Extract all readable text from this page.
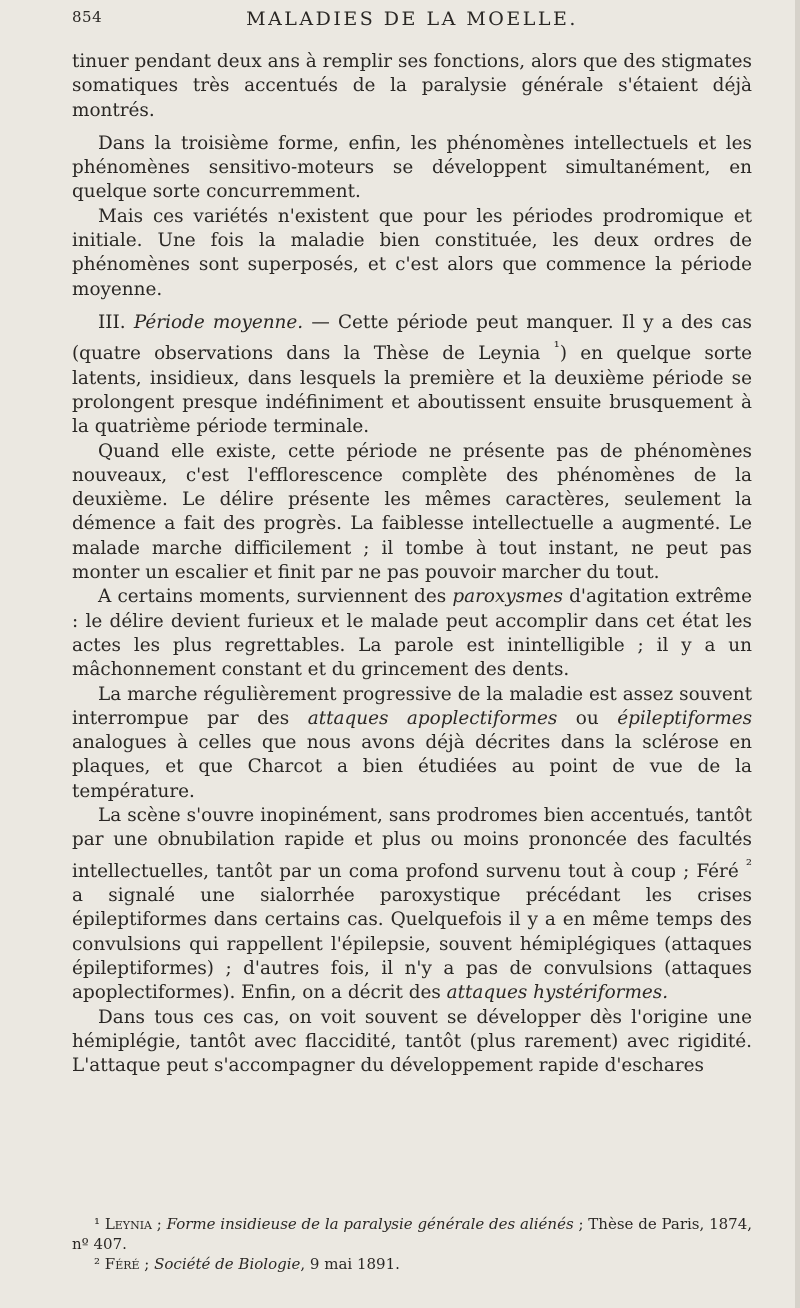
854	MALADIES DE LA MOELLE.

tinuer pendant deux ans à remplir ses fonctions, alors que des stigmates somatiques très accentués de la paralysie générale s'étaient déjà montrés.

Dans la troisième forme, enfin, les phénomènes intellectuels et les phénomènes sensitivo-moteurs se développent simultanément, en quelque sorte concurremment.

Mais ces variétés n'existent que pour les périodes prodromique et initiale. Une fois la maladie bien constituée, les deux ordres de phénomènes sont superposés, et c'est alors que commence la période moyenne.

III. Période moyenne. — Cette période peut manquer. Il y a des cas (quatre observations dans la Thèse de Leynia $^{^1}$) en quelque sorte latents, insidieux, dans lesquels la première et la deuxième période se prolongent presque indéfiniment et aboutissent ensuite brusquement à la quatrième période terminale.

Quand elle existe, cette période ne présente pas de phénomènes nouveaux, c'est l'efflorescence complète des phénomènes de la deuxième. Le délire présente les mêmes caractères, seulement la démence a fait des progrès. La faiblesse intellectuelle a augmenté. Le malade marche difficilement ; il tombe à tout instant, ne peut pas monter un escalier et finit par ne pas pouvoir marcher du tout.

A certains moments, surviennent des paroxysmes d'agitation extrême : le délire devient furieux et le malade peut accomplir dans cet état les actes les plus regrettables. La parole est inintelligible ; il y a un mâchonnement constant et du grincement des dents.

La marche régulièrement progressive de la maladie est assez souvent interrompue par des attaques apoplectiformes ou épileptiformes analogues à celles que nous avons déjà décrites dans la sclérose en plaques, et que Charcot a bien étudiées au point de vue de la température.

La scène s'ouvre inopinément, sans prodromes bien accentués, tantôt par une obnubilation rapide et plus ou moins prononcée des facultés intellectuelles, tantôt par un coma profond survenu tout à coup ; Féré $^{^2}$ a signalé une sialorrhée paroxystique précédant les crises épileptiformes dans certains cas. Quelquefois il y a en même temps des convulsions qui rappellent l'épilepsie, souvent hémiplégiques (attaques épileptiformes) ; d'autres fois, il n'y a pas de convulsions (attaques apoplectiformes). Enfin, on a décrit des attaques hystériformes.

Dans tous ces cas, on voit souvent se développer dès l'origine une hémiplégie, tantôt avec flaccidité, tantôt (plus rarement) avec rigidité. L'attaque peut s'accompagner du développement rapide d'eschares

¹ Leynia ; Forme insidieuse de la paralysie générale des aliénés ; Thèse de Paris, 1874, nº 407.

² Féré ; Société de Biologie, 9 mai 1891.
